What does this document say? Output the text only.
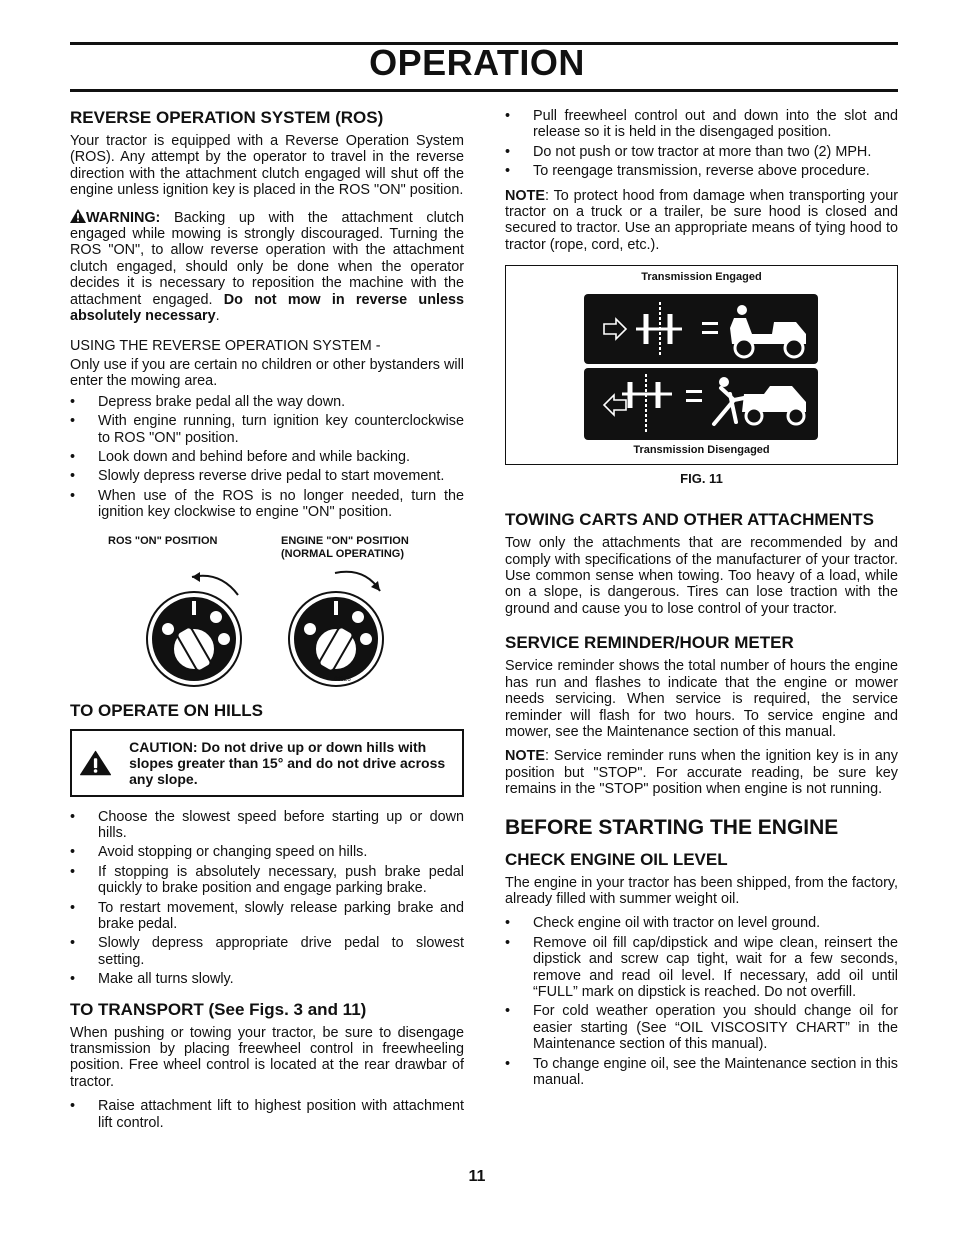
OPERATION
REVERSE OPERATION SYSTEM (ROS)

Your tractor is equipped with a Reverse Operation System (ROS). Any attempt by the operator to travel in the reverse direction with the attachment clutch engaged will shut off the engine unless ignition key is placed in the ROS "ON" position.

WARNING: Backing up with the attachment clutch engaged while mowing is strongly discouraged. Turning the ROS "ON", to allow reverse operation with the attachment clutch engaged, should only be done when the operator decides it is necessary to reposition the machine with the attachment engaged. Do not mow in reverse unless absolutely necessary.

USING THE REVERSE OPERATION SYSTEM -

Only use if you are certain no children or other bystanders will enter the mowing area.

• Depress brake pedal all the way down.
• With engine running, turn ignition key counterclockwise to ROS "ON" position.
• Look down and behind before and while backing.
• Slowly depress reverse drive pedal to start movement.
• When use of the ROS is no longer needed, turn the ignition key clockwise to engine "ON" position.
ROS "ON" POSITION	ENGINE "ON" POSITION
(NORMAL OPERATING)
02826
TO OPERATE ON HILLS
CAUTION: Do not drive up or down hills with slopes greater than 15° and do not drive across any slope.
• Choose the slowest speed before starting up or down hills.
• Avoid stopping or changing speed on hills.
• If stopping is absolutely necessary, push brake pedal quickly to brake position and engage parking brake.
• To restart movement, slowly release parking brake and brake pedal.
• Slowly depress appropriate drive pedal to slowest setting.
• Make all turns slowly.
TO TRANSPORT (See Figs. 3 and 11)

When pushing or towing your tractor, be sure to disengage transmission by placing freewheel control in freewheeling position. Free wheel control is located at the rear drawbar of tractor.

• Raise attachment lift to highest position with attachment lift control.
• Pull freewheel control out and down into the slot and release so it is held in the disengaged position.
• Do not push or tow tractor at more than two (2) MPH.
• To reengage transmission, reverse above procedure.

NOTE: To protect hood from damage when transporting your tractor on a truck or a trailer, be sure hood is closed and secured to tractor. Use an appropriate means of tying hood to tractor (rope, cord, etc.).

Transmission Engaged
Transmission Disengaged
FIG. 11
TOWING CARTS AND OTHER ATTACHMENTS

Tow only the attachments that are recommended by and comply with specifications of the manufacturer of your tractor. Use common sense when towing. Too heavy of a load, while on a slope, is dangerous. Tires can lose traction with the ground and cause you to lose control of your tractor.

SERVICE REMINDER/HOUR METER

Service reminder shows the total number of hours the engine has run and flashes to indicate that the engine or mower needs servicing. When service is required, the service reminder will flash for two hours. To service engine and mower, see the Maintenance section of this manual.

NOTE: Service reminder runs when the ignition key is in any position but "STOP". For accurate reading, be sure key remains in the "STOP" position when engine is not running.

BEFORE STARTING THE ENGINE
CHECK ENGINE OIL LEVEL

The engine in your tractor has been shipped, from the factory, already filled with summer weight oil.

• Check engine oil with tractor on level ground.
• Remove oil fill cap/dipstick and wipe clean, reinsert the dipstick and screw cap tight, wait for a few seconds, remove and read oil level. If necessary, add oil until “FULL” mark on dipstick is reached. Do not overfill.
• For cold weather operation you should change oil for easier starting (See “OIL VISCOSITY CHART” in the Maintenance section of this manual).
• To change engine oil, see the Maintenance section in this manual.
11
